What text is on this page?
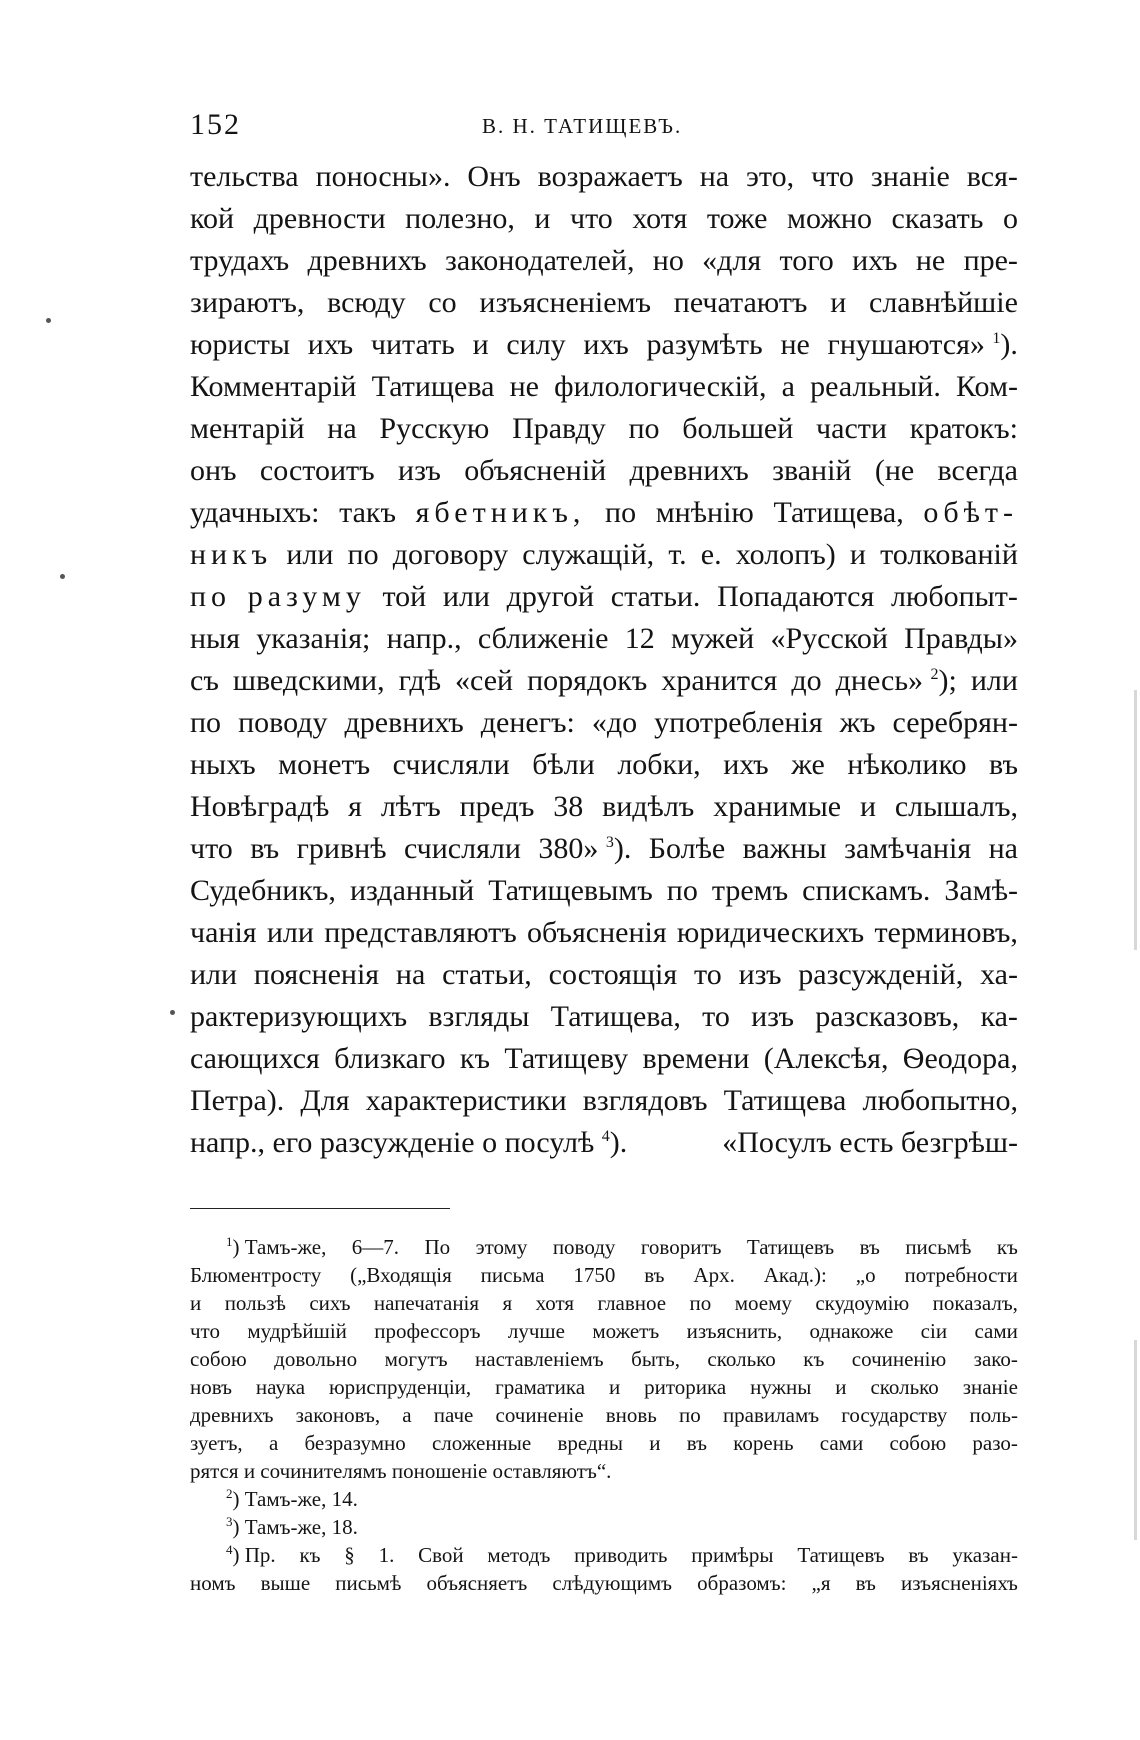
152	В. Н. ТАТИЩЕВЪ.
тельства поносны». Онъ возражаетъ на это, что знаніе вся-
кой древности полезно, и что хотя тоже можно сказать о
трудахъ древнихъ законодателей, но «для того ихъ не пре-
зираютъ, всюду со изъясненіемъ печатаютъ и славнѣйшіе
юристы ихъ читать и силу ихъ разумѣть не гнушаются» $^1$).
Комментарій Татищева не филологическій, а реальный. Ком-
ментарій на Русскую Правду по большей части кратокъ:
онъ состоитъ изъ объясненій древнихъ званій (не всегда
удачныхъ: такъ ябетникъ, по мнѣнію Татищева, обѣт-
никъ или по договору служащій, т. е. холопъ) и толкованій
по разуму той или другой статьи. Попадаются любопыт-
ныя указанія; напр., сближеніе 12 мужей «Русской Правды»
съ шведскими, гдѣ «сей порядокъ хранится до днесь» $^2$); или
по поводу древнихъ денегъ: «до употребленія жъ серебрян-
ныхъ монетъ счисляли бѣли лобки, ихъ же нѣколико въ
Новѣградѣ я лѣтъ предъ 38 видѣлъ хранимые и слышалъ,
что въ гривнѣ счисляли 380» $^3$). Болѣе важны замѣчанія на
Судебникъ, изданный Татищевымъ по тремъ спискамъ. Замѣ-
чанія или представляютъ объясненія юридическихъ терминовъ,
или поясненія на статьи, состоящія то изъ разсужденій, ха-
рактеризующихъ взгляды Татищева, то изъ разсказовъ, ка-
сающихся близкаго къ Татищеву времени (Алексѣя, Ѳеодора,
Петра). Для характеристики взглядовъ Татищева любопытно,
напр., его разсужденіе о посулѣ $^4$).	«Посулъ есть безгрѣш-
$^1$) Тамъ-же, 6—7. По этому поводу говоритъ Татищевъ въ письмѣ къ
Блюментросту („Входящія письма 1750 въ Арх. Акад.): „о потребности
и пользѣ сихъ напечатанія я хотя главное по моему скудоумію показалъ,
что мудрѣйшій профессоръ лучше можетъ изъяснить, однакоже сіи сами
собою довольно могутъ наставленіемъ быть, сколько къ сочиненію зако-
новъ наука юриспруденціи, граматика и риторика нужны и сколько знаніе
древнихъ законовъ, а паче сочиненіе вновь по правиламъ государству поль-
зуетъ, а безразумно сложенные вредны и въ корень сами собою разо-
рятся и сочинителямъ поношеніе оставляютъ“.
$^2$) Тамъ-же, 14.
$^3$) Тамъ-же, 18.
$^4$) Пр. къ § 1. Свой методъ приводить примѣры Татищевъ въ указан-
номъ выше письмѣ объясняетъ слѣдующимъ образомъ: „я въ изъясненіяхъ
